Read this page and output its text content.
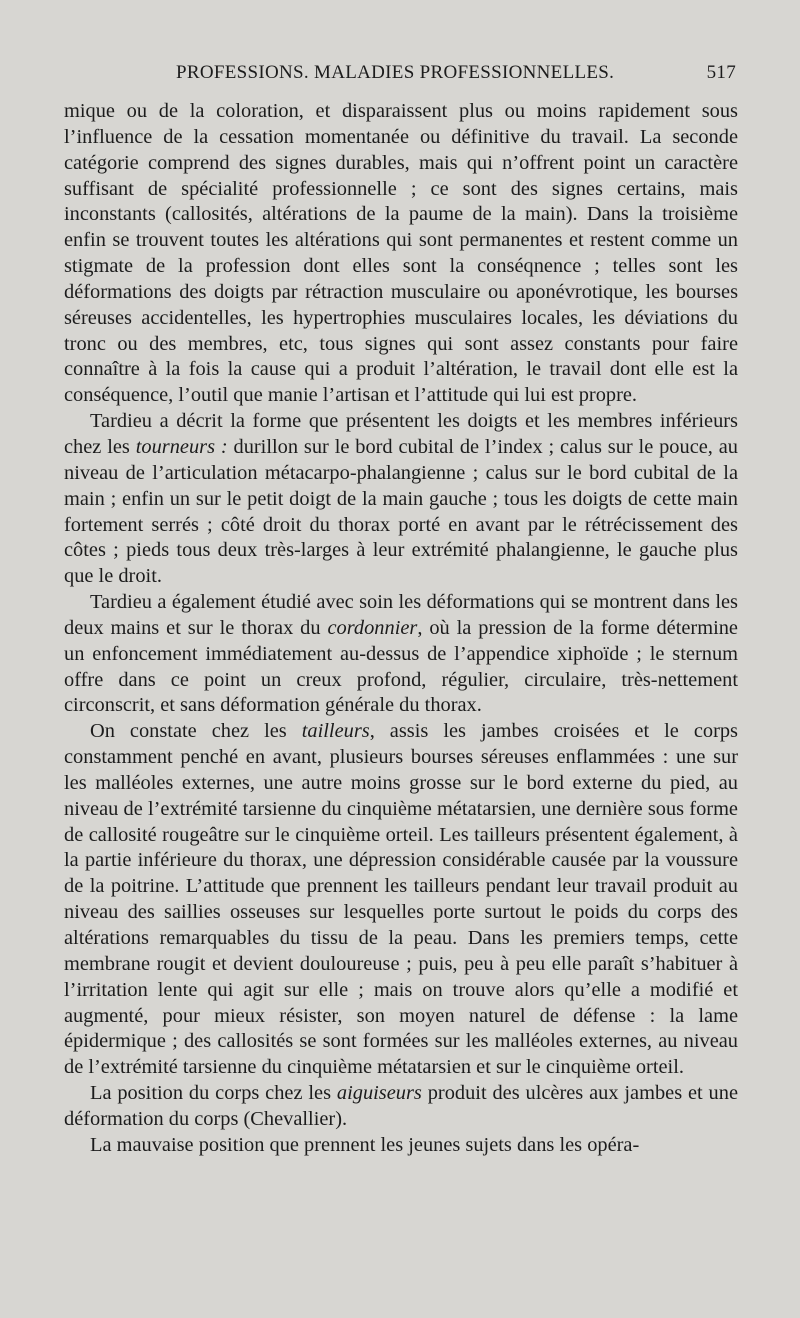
PROFESSIONS. MALADIES PROFESSIONNELLES.	517

mique ou de la coloration, et disparaissent plus ou moins rapidement sous l’influence de la cessation momentanée ou définitive du travail. La seconde catégorie comprend des signes durables, mais qui n’offrent point un caractère suffisant de spécialité professionnelle ; ce sont des signes certains, mais inconstants (callosités, altérations de la paume de la main). Dans la troisième enfin se trouvent toutes les altérations qui sont permanentes et restent comme un stigmate de la profession dont elles sont la conséqnence ; telles sont les déformations des doigts par rétraction musculaire ou aponévrotique, les bourses séreuses accidentelles, les hypertrophies musculaires locales, les déviations du tronc ou des membres, etc, tous signes qui sont assez constants pour faire connaître à la fois la cause qui a produit l’altération, le travail dont elle est la conséquence, l’outil que manie l’artisan et l’attitude qui lui est propre.

Tardieu a décrit la forme que présentent les doigts et les membres inférieurs chez les tourneurs : durillon sur le bord cubital de l’index ; calus sur le pouce, au niveau de l’articulation métacarpo-phalangienne ; calus sur le bord cubital de la main ; enfin un sur le petit doigt de la main gauche ; tous les doigts de cette main fortement serrés ; côté droit du thorax porté en avant par le rétrécissement des côtes ; pieds tous deux très-larges à leur extrémité phalangienne, le gauche plus que le droit.

Tardieu a également étudié avec soin les déformations qui se montrent dans les deux mains et sur le thorax du cordonnier, où la pression de la forme détermine un enfoncement immédiatement au-dessus de l’appendice xiphoïde ; le sternum offre dans ce point un creux profond, régulier, circulaire, très-nettement circonscrit, et sans déformation générale du thorax.

On constate chez les tailleurs, assis les jambes croisées et le corps constamment penché en avant, plusieurs bourses séreuses enflammées : une sur les malléoles externes, une autre moins grosse sur le bord externe du pied, au niveau de l’extrémité tarsienne du cinquième métatarsien, une dernière sous forme de callosité rougeâtre sur le cinquième orteil. Les tailleurs présentent également, à la partie inférieure du thorax, une dépression considérable causée par la voussure de la poitrine. L’attitude que prennent les tailleurs pendant leur travail produit au niveau des saillies osseuses sur lesquelles porte surtout le poids du corps des altérations remarquables du tissu de la peau. Dans les premiers temps, cette membrane rougit et devient douloureuse ; puis, peu à peu elle paraît s’habituer à l’irritation lente qui agit sur elle ; mais on trouve alors qu’elle a modifié et augmenté, pour mieux résister, son moyen naturel de défense : la lame épidermique ; des callosités se sont formées sur les malléoles externes, au niveau de l’extrémité tarsienne du cinquième métatarsien et sur le cinquième orteil.

La position du corps chez les aiguiseurs produit des ulcères aux jambes et une déformation du corps (Chevallier).

La mauvaise position que prennent les jeunes sujets dans les opéra-
